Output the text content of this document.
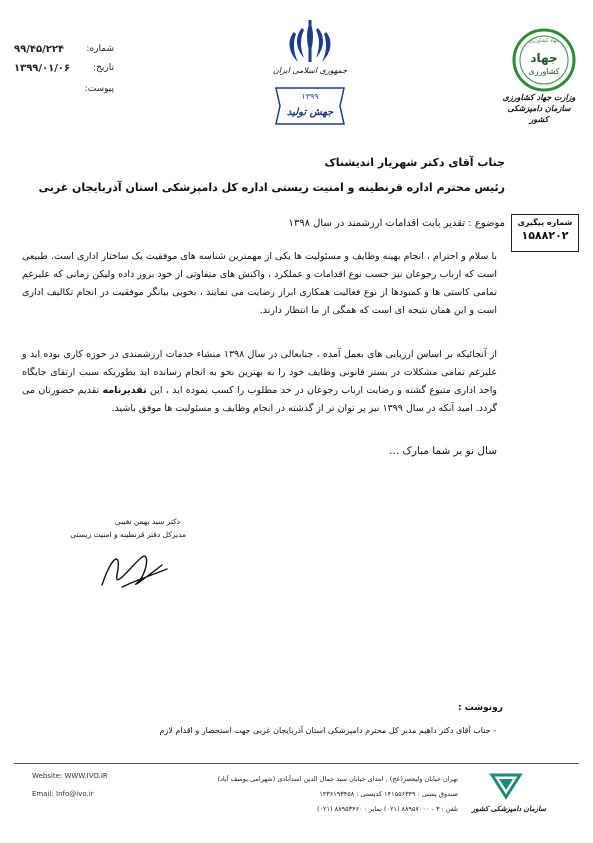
شماره:
۹۹/۴۵/۲۲۴
تاریخ:
۱۳۹۹/۰۱/۰۶
پیوست:
جمهوری اسلامی ایران
۱۳۹۹
جهش تولید
جهاد کشاورزی
جهاد
کشاورزی
وزارت جهاد کشاورزی
سازمان دامپزشکی کشور
جناب آقای دکتر شهریار اندیشناک
رئیس محترم اداره قرنطینه و امنیت زیستی اداره کل دامپزشکی استان آذربایجان غربی
شماره پیگیری
۱۵۸۸۲۰۲
موضوع : تقدیر بابت اقدامات ارزشمند در سال ۱۳۹۸
با سلام و احترام ، انجام بهینه وظایف و مسئولیت ها یکی از مهمترین شناسه های موفقیت یک ساختار اداری است. طبیعی است که ارباب رجوعان نیز حسب نوع اقدامات و عملکرد ، واکنش های متفاوتی از خود بروز داده ولیکن زمانی که علیرغم تمامی کاستی ها و کمبودها از نوع فعالیت همکاری ابراز رضایت می نمایند ، بخوبی بیانگر موفقیت در انجام تکالیف اداری است و این همان نتیجه ای است که همگی از ما انتظار دارند.
از آنجائیکه بر اساس ارزیابی های بعمل آمده ، جنابعالی در سال ۱۳۹۸ منشاء خدمات ارزشمندی در حوزه کاری بوده اید و علیرغم تمامی مشکلات در بستر قانونی وظایف خود را به بهترین نحو به انجام رسانده اید بطوریکه سبب ارتقای جایگاه واحد اداری متبوع گشته و رضایت ارباب رجوعان در حد مطلوب را کسب نموده اید ، این تقدیرنامه تقدیم حضورتان می گردد. امید آنکه در سال ۱۳۹۹ نیز پر توان تر از گذشته در انجام وظایف و مسئولیت ها موفق باشید.
سال نو بر شما مبارک ...
دکتر سید بهمن نقیبی
مدیرکل دفتر قرنطینه و امنیت زیستی
رونوشت :
- جناب آقای دکتر داهیم مدیر کل محترم دامپزشکی استان آذربایجان غربی جهت استحضار و اقدام لازم
Website: WWW.IVO.IR
Email: Info@ivo.ir
تهران خیابان ولیعصر(عج) ، ابتدای خیابان سید جمال الدین اسدآبادی (شهرامی یوسف آباد)
صندوق پستی : ۱۴۱۵۵۶۳۴۹ کدپستی : ۱۴۳۶۱۹۳۴۵۸
تلفن : ۳ - ۸۸۹۵۷۰۰۰ (۰۲۱) نمابر : ۸۸۹۵۳۴۶۰ (۰۲۱)	سازمان دامپزشکی کشور
